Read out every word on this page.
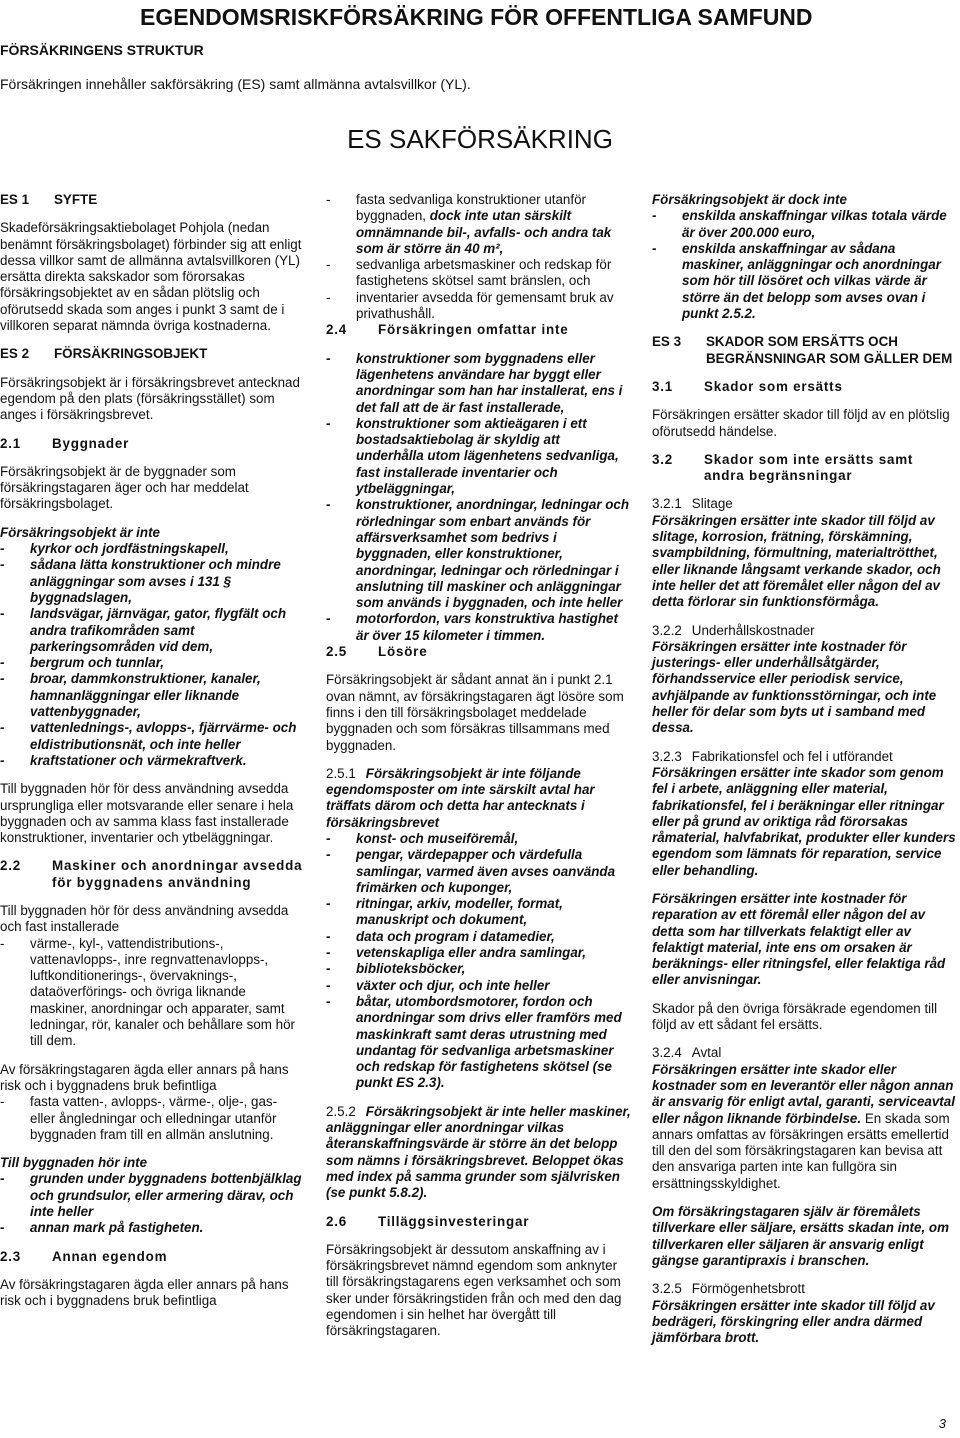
EGENDOMSRISKFÖRSÄKRING FÖR OFFENTLIGA SAMFUND
FÖRSÄKRINGENS STRUKTUR
Försäkringen innehåller sakförsäkring (ES) samt allmänna avtalsvillkor (YL).
ES SAKFÖRSÄKRING
ES 1	SYFTE

Skadeförsäkringsaktiebolaget Pohjola (nedan benämnt försäkringsbolaget) förbinder sig att enligt dessa villkor samt de allmänna avtalsvillkoren (YL) ersätta direkta sakskador som förorsakas försäkringsobjektet av en sådan plötslig och oförutsedd skada som anges i punkt 3 samt de i villkoren separat nämnda övriga kostnaderna.

ES 2	FÖRSÄKRINGSOBJEKT

Försäkringsobjekt är i försäkringsbrevet antecknad egendom på den plats (försäkringsstället) som anges i försäkringsbrevet.

2.1	Byggnader

Försäkringsobjekt är de byggnader som försäkringstagaren äger och har meddelat försäkringsbolaget.

Försäkringsobjekt är inte
- kyrkor och jordfästningskapell,
- sådana lätta konstruktioner och mindre anläggningar som avses i 131 § byggnadslagen,
- landsvägar, järnvägar, gator, flygfält och andra trafikområden samt parkeringsområden vid dem,
- bergrum och tunnlar,
- broar, dammkonstruktioner, kanaler, hamnanläggningar eller liknande vattenbyggnader,
- vattenlednings-, avlopps-, fjärrvärme- och eldistributionsnät, och inte heller
- kraftstationer och värmekraftverk.

Till byggnaden hör för dess användning avsedda ursprungliga eller motsvarande eller senare i hela byggnaden och av samma klass fast installerade konstruktioner, inventarier och ytbeläggningar.

2.2	Maskiner och anordningar avsedda för byggnadens användning
Till byggnaden hör för dess användning avsedda och fast installerade
- värme-, kyl-, vattendistributions-, vattenavlopps-, inre regnvattenavlopps-, luftkonditionerings-, övervaknings-, dataöverförings- och övriga liknande maskiner, anordningar och apparater, samt ledningar, rör, kanaler och behållare som hör till dem.
Av försäkringstagaren ägda eller annars på hans risk och i byggnadens bruk befintliga
- fasta vatten-, avlopps-, värme-, olje-, gas- eller ångledningar och elledningar utanför byggnaden fram till en allmän anslutning.
Till byggnaden hör inte
- grunden under byggnadens bottenbjälklag och grundsulor, eller armering därav, och inte heller
- annan mark på fastigheten.
2.3	Annan egendom

Av försäkringstagaren ägda eller annars på hans risk och i byggnadens bruk befintliga

- fasta sedvanliga konstruktioner utanför byggnaden, dock inte utan särskilt omnämnande bil-, avfalls- och andra tak som är större än 40 m²,
- sedvanliga arbetsmaskiner och redskap för fastighetens skötsel samt bränslen, och
- inventarier avsedda för gemensamt bruk av privathushåll.
2.4	Försäkringen omfattar inte
- konstruktioner som byggnadens eller lägenhetens användare har byggt eller anordningar som han har installerat, ens i det fall att de är fast installerade,
- konstruktioner som aktieägaren i ett bostadsaktiebolag är skyldig att underhålla utom lägenhetens sedvanliga, fast installerade inventarier och ytbeläggningar,
- konstruktioner, anordningar, ledningar och rörledningar som enbart används för affärsverksamhet som bedrivs i byggnaden, eller konstruktioner, anordningar, ledningar och rörledningar i anslutning till maskiner och anläggningar som används i byggnaden, och inte heller
- motorfordon, vars konstruktiva hastighet är över 15 kilometer i timmen.
2.5	Lösöre

Försäkringsobjekt är sådant annat än i punkt 2.1 ovan nämnt, av försäkringstagaren ägt lösöre som finns i den till försäkringsbolaget meddelade byggnaden och som försäkras tillsammans med byggnaden.

2.5.1 Försäkringsobjekt är inte följande egendomsposter om inte särskilt avtal har träffats därom och detta har antecknats i försäkringsbrevet
- konst- och museiföremål,
- pengar, värdepapper och värdefulla samlingar, varmed även avses oanvända frimärken och kuponger,
- ritningar, arkiv, modeller, format, manuskript och dokument,
- data och program i datamedier,
- vetenskapliga eller andra samlingar,
- biblioteksböcker,
- växter och djur, och inte heller
- båtar, utombordsmotorer, fordon och anordningar som drivs eller framförs med maskinkraft samt deras utrustning med undantag för sedvanliga arbetsmaskiner och redskap för fastighetens skötsel (se punkt ES 2.3).

2.5.2 Försäkringsobjekt är inte heller maskiner, anläggningar eller anordningar vilkas återanskaffningsvärde är större än det belopp som nämns i försäkringsbrevet. Beloppet ökas med index på samma grunder som självrisken (se punkt 5.8.2).

2.6	Tilläggsinvesteringar

Försäkringsobjekt är dessutom anskaffning av i försäkringsbrevet nämnd egendom som anknyter till försäkringstagarens egen verksamhet och som sker under försäkringstiden från och med den dag egendomen i sin helhet har övergått till försäkringstagaren.

Försäkringsobjekt är dock inte
- enskilda anskaffningar vilkas totala värde är över 200.000 euro,
- enskilda anskaffningar av sådana maskiner, anläggningar och anordningar som hör till lösöret och vilkas värde är större än det belopp som avses ovan i punkt 2.5.2.
ES 3	SKADOR SOM ERSÄTTS OCH BEGRÄNSNINGAR SOM GÄLLER DEM
3.1	Skador som ersätts

Försäkringen ersätter skador till följd av en plötslig oförutsedd händelse.

3.2	Skador som inte ersätts samt andra begränsningar
3.2.1 Slitage
Försäkringen ersätter inte skador till följd av slitage, korrosion, frätning, förskämning, svampbildning, förmultning, materialtrötthet, eller liknande långsamt verkande skador, och inte heller det att föremålet eller någon del av detta förlorar sin funktionsförmåga.
3.2.2 Underhållskostnader
Försäkringen ersätter inte kostnader för justerings- eller underhållsåtgärder, förhandsservice eller periodisk service, avhjälpande av funktionsstörningar, och inte heller för delar som byts ut i samband med dessa.
3.2.3 Fabrikationsfel och fel i utförandet
Försäkringen ersätter inte skador som genom fel i arbete, anläggning eller material, fabrikationsfel, fel i beräkningar eller ritningar eller på grund av oriktiga råd förorsakas råmaterial, halvfabrikat, produkter eller kunders egendom som lämnats för reparation, service eller behandling.

Försäkringen ersätter inte kostnader för reparation av ett föremål eller någon del av detta som har tillverkats felaktigt eller av felaktigt material, inte ens om orsaken är beräknings- eller ritningsfel, eller felaktiga råd eller anvisningar.

Skador på den övriga försäkrade egendomen till följd av ett sådant fel ersätts.

3.2.4 Avtal
Försäkringen ersätter inte skador eller kostnader som en leverantör eller någon annan är ansvarig för enligt avtal, garanti, serviceavtal eller någon liknande förbindelse. En skada som annars omfattas av försäkringen ersätts emellertid till den del som försäkringstagaren kan bevisa att den ansvariga parten inte kan fullgöra sin ersättningsskyldighet.

Om försäkringstagaren själv är föremålets tillverkare eller säljare, ersätts skadan inte, om tillverkaren eller säljaren är ansvarig enligt gängse garantipraxis i branschen.

3.2.5 Förmögenhetsbrott
Försäkringen ersätter inte skador till följd av bedrägeri, förskingring eller andra därmed jämförbara brott.
3
